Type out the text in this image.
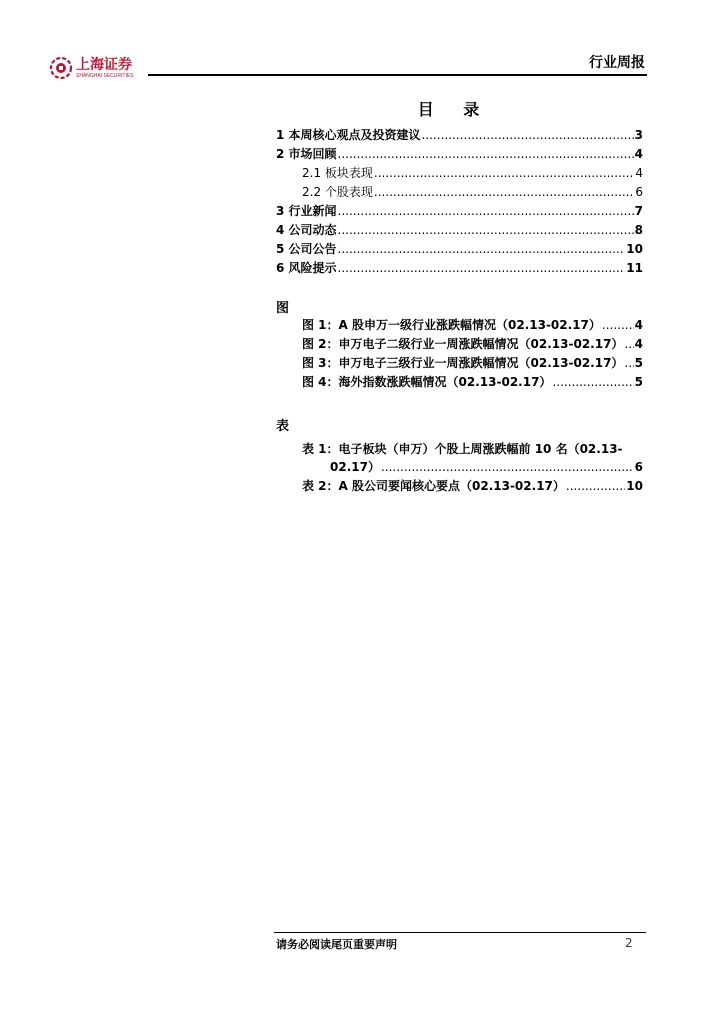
上海证券
SHANGHAI SECURITIES
行业周报
目 录
1 本周核心观点及投资建议 .....	3
2 市场回顾 .....	4
2.1 板块表现 .....	4
2.2 个股表现 .....	6
3 行业新闻 .....	7
4 公司动态 .....	8
5 公司公告 .....	10
6 风险提示 .....	11
图
图 1：A 股申万一级行业涨跌幅情况（02.13-02.17） .....	4
图 2：申万电子二级行业一周涨跌幅情况（02.13-02.17） ..... 4
图 3：申万电子三级行业一周涨跌幅情况（02.13-02.17） ..... 5
图 4：海外指数涨跌幅情况（02.13-02.17） .....	5
表
表 1：电子板块（申万）个股上周涨跌幅前 10 名（02.13-
02.17） .....	6
表 2：A 股公司要闻核心要点（02.13-02.17） .....	10
请务必阅读尾页重要声明	2
